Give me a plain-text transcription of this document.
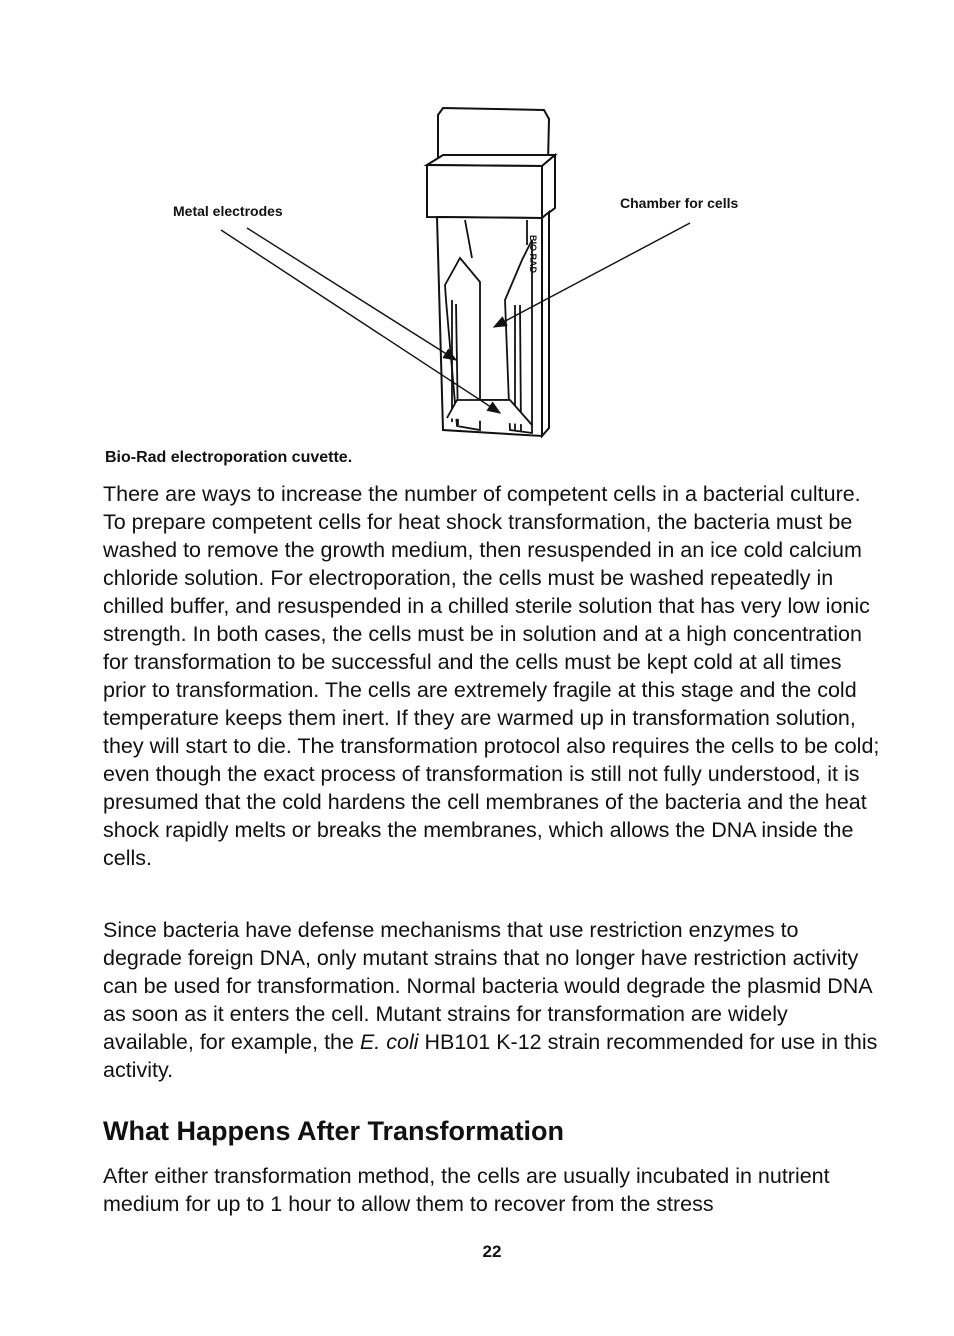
BIO RAD
Metal electrodes	Chamber for cells
Bio-Rad electroporation cuvette.

There are ways to increase the number of competent cells in a bacterial culture. To prepare competent cells for heat shock transformation, the bacteria must be washed to remove the growth medium, then resuspended in an ice cold calcium chloride solution. For electroporation, the cells must be washed repeatedly in chilled buffer, and resuspended in a chilled sterile solution that has very low ionic strength. In both cases, the cells must be in solution and at a high concentration for transformation to be successful and the cells must be kept cold at all times prior to transformation. The cells are extremely fragile at this stage and the cold temperature keeps them inert. If they are warmed up in transformation solution, they will start to die. The transformation protocol also requires the cells to be cold; even though the exact process of transformation is still not fully understood, it is presumed that the cold hardens the cell membranes of the bacteria and the heat shock rapidly melts or breaks the membranes, which allows the DNA inside the cells.

Since bacteria have defense mechanisms that use restriction enzymes to degrade foreign DNA, only mutant strains that no longer have restriction activity can be used for transformation. Normal bacteria would degrade the plasmid DNA as soon as it enters the cell. Mutant strains for transformation are widely available, for example, the E. coli HB101 K-12 strain recommended for use in this activity.

What Happens After Transformation

After either transformation method, the cells are usually incubated in nutrient medium for up to 1 hour to allow them to recover from the stress

22
